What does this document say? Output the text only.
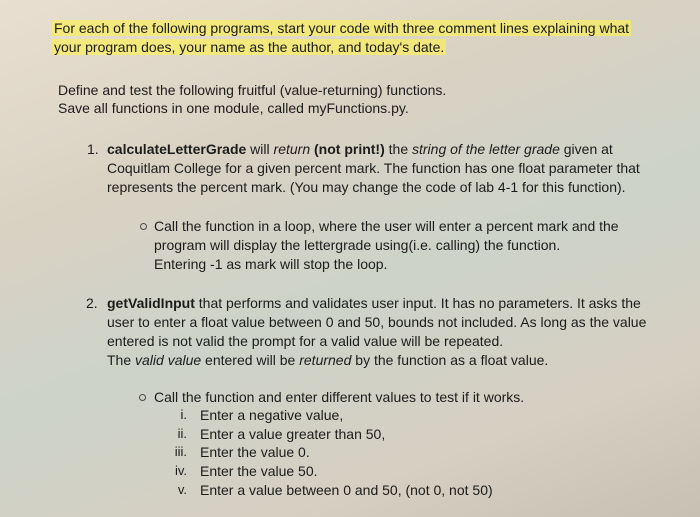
For each of the following programs, start your code with three comment lines explaining what
your program does, your name as the author, and today's date.
Define and test the following fruitful (value-returning) functions.
Save all functions in one module, called myFunctions.py.
1. calculateLetterGrade will return (not print!) the string of the letter grade given at
Coquitlam College for a given percent mark. The function has one float parameter that
represents the percent mark. (You may change the code of lab 4-1 for this function).
Call the function in a loop, where the user will enter a percent mark and the
program will display the lettergrade using(i.e. calling) the function.
Entering -1 as mark will stop the loop.
2. getValidInput that performs and validates user input. It has no parameters. It asks the
user to enter a float value between 0 and 50, bounds not included. As long as the value
entered is not valid the prompt for a valid value will be repeated.
The valid value entered will be returned by the function as a float value.
Call the function and enter different values to test if it works.
i. Enter a negative value,
ii. Enter a value greater than 50,
iii. Enter the value 0.
iv. Enter the value 50.
v. Enter a value between 0 and 50, (not 0, not 50)
